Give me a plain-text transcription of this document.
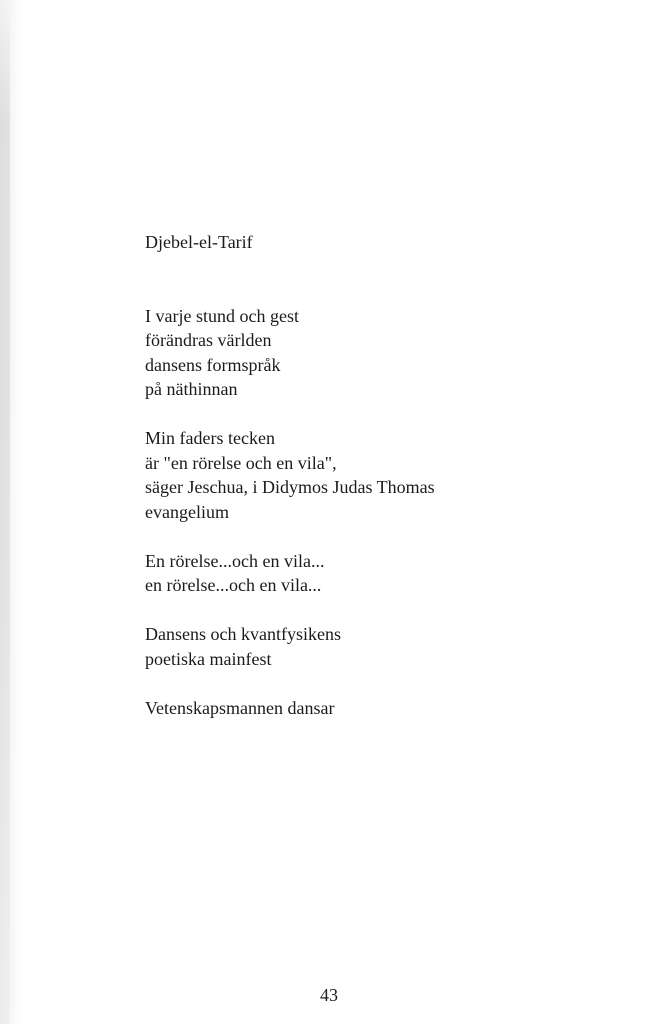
Djebel-el-Tarif
I varje stund och gest
förändras världen
dansens formspråk
på näthinnan
Min faders tecken
är "en rörelse och en vila",
säger Jeschua, i Didymos Judas Thomas
evangelium
En rörelse...och en vila...
en rörelse...och en vila...
Dansens och kvantfysikens
poetiska mainfest
Vetenskapsmannen dansar
43
